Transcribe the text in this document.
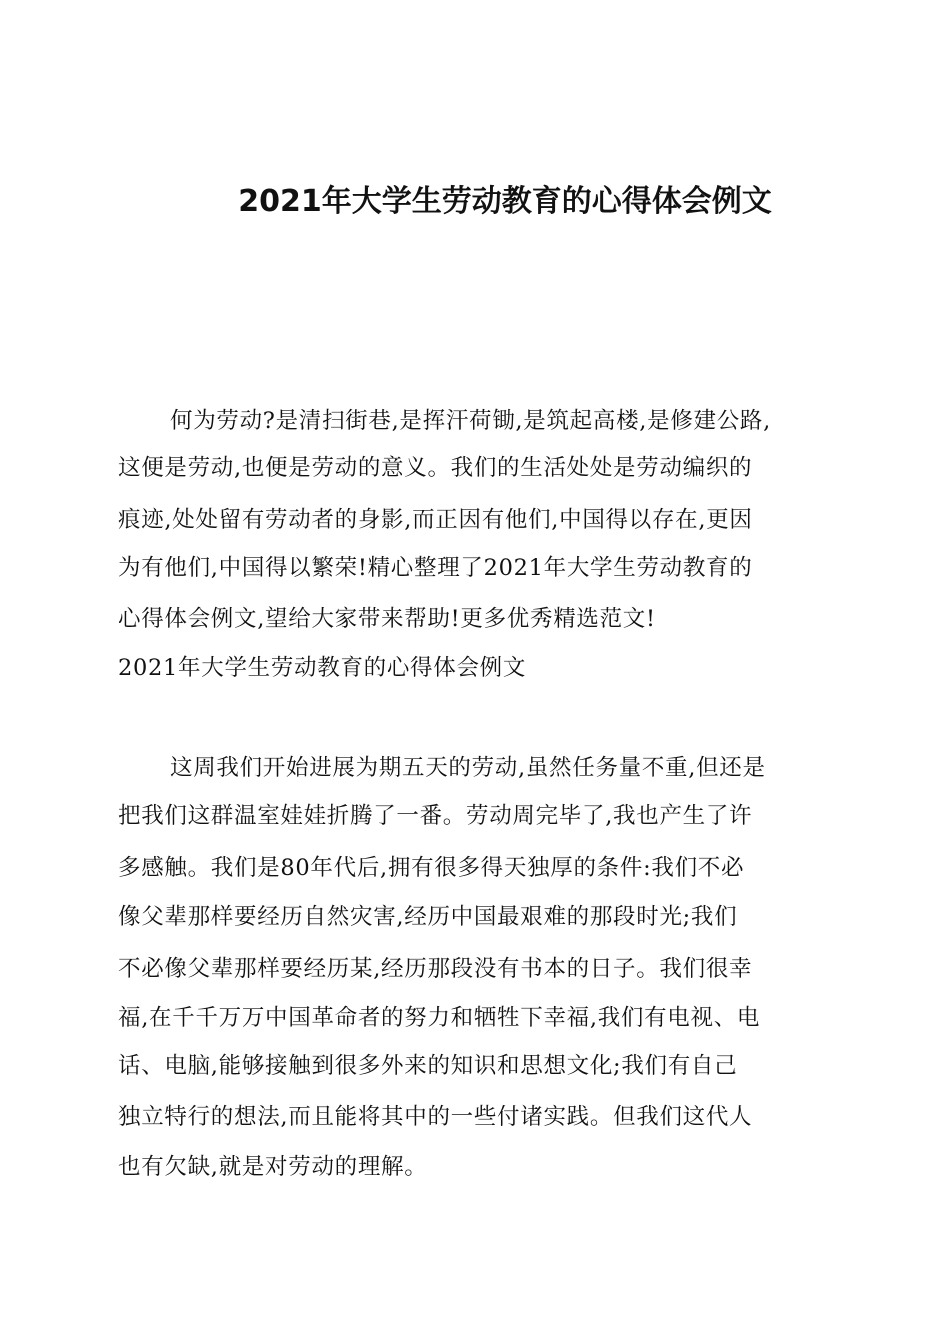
2021年大学生劳动教育的心得体会例文

何为劳动?是清扫街巷,是挥汗荷锄,是筑起高楼,是修建公路,

这便是劳动,也便是劳动的意义。我们的生活处处是劳动编织的

痕迹,处处留有劳动者的身影,而正因有他们,中国得以存在,更因

为有他们,中国得以繁荣!精心整理了2021年大学生劳动教育的

心得体会例文,望给大家带来帮助!更多优秀精选范文!

2021年大学生劳动教育的心得体会例文

这周我们开始进展为期五天的劳动,虽然任务量不重,但还是

把我们这群温室娃娃折腾了一番。劳动周完毕了,我也产生了许

多感触。我们是80年代后,拥有很多得天独厚的条件:我们不必

像父辈那样要经历自然灾害,经历中国最艰难的那段时光;我们

不必像父辈那样要经历某,经历那段没有书本的日子。我们很幸

福,在千千万万中国革命者的努力和牺牲下幸福,我们有电视、电

话、电脑,能够接触到很多外来的知识和思想文化;我们有自己

独立特行的想法,而且能将其中的一些付诸实践。但我们这代人

也有欠缺,就是对劳动的理解。
